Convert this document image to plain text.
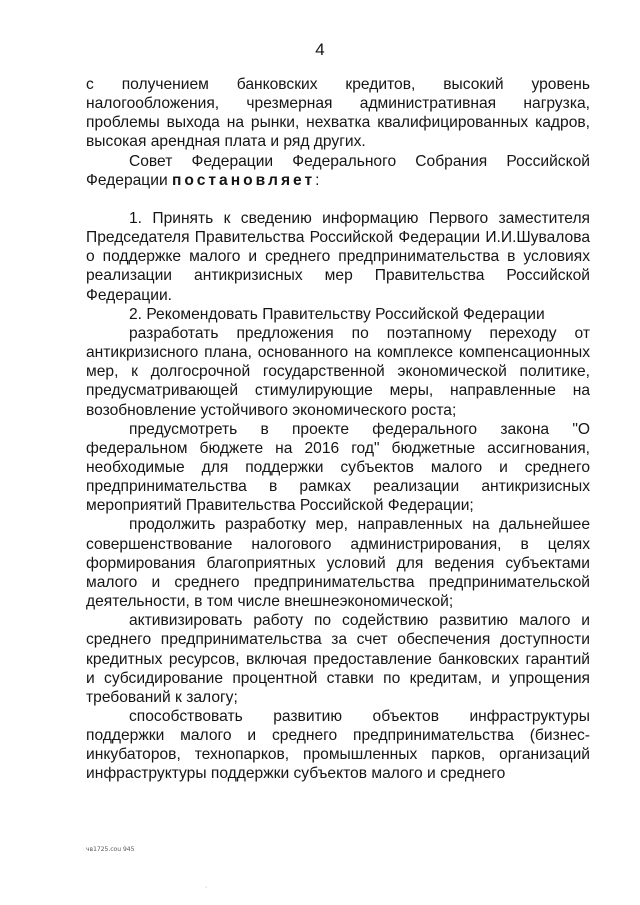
4

с получением банковских кредитов, высокий уровень налогообложения, чрезмерная административная нагрузка, проблемы выхода на рынки, нехватка квалифицированных кадров, высокая арендная плата и ряд других.

Совет Федерации Федерального Собрания Российской Федерации постановляет:

1. Принять к сведению информацию Первого заместителя Председателя Правительства Российской Федерации И.И.Шувалова о поддержке малого и среднего предпринимательства в условиях реализации антикризисных мер Правительства Российской Федерации.

2. Рекомендовать Правительству Российской Федерации

разработать предложения по поэтапному переходу от антикризисного плана, основанного на комплексе компенсационных мер, к долгосрочной государственной экономической политике, предусматривающей стимулирующие меры, направленные на возобновление устойчивого экономического роста;

предусмотреть в проекте федерального закона "О федеральном бюджете на 2016 год" бюджетные ассигнования, необходимые для поддержки субъектов малого и среднего предпринимательства в рамках реализации антикризисных мероприятий Правительства Российской Федерации;

продолжить разработку мер, направленных на дальнейшее совершенствование налогового администрирования, в целях формирования благоприятных условий для ведения субъектами малого и среднего предпринимательства предпринимательской деятельности, в том числе внешнеэкономической;

активизировать работу по содействию развитию малого и среднего предпринимательства за счет обеспечения доступности кредитных ресурсов, включая предоставление банковских гарантий и субсидирование процентной ставки по кредитам, и упрощения требований к залогу;

способствовать развитию объектов инфраструктуры поддержки малого и среднего предпринимательства (бизнес-инкубаторов, технопарков, промышленных парков, организаций инфраструктуры поддержки субъектов малого и среднего

чв1725.cou 945
·
